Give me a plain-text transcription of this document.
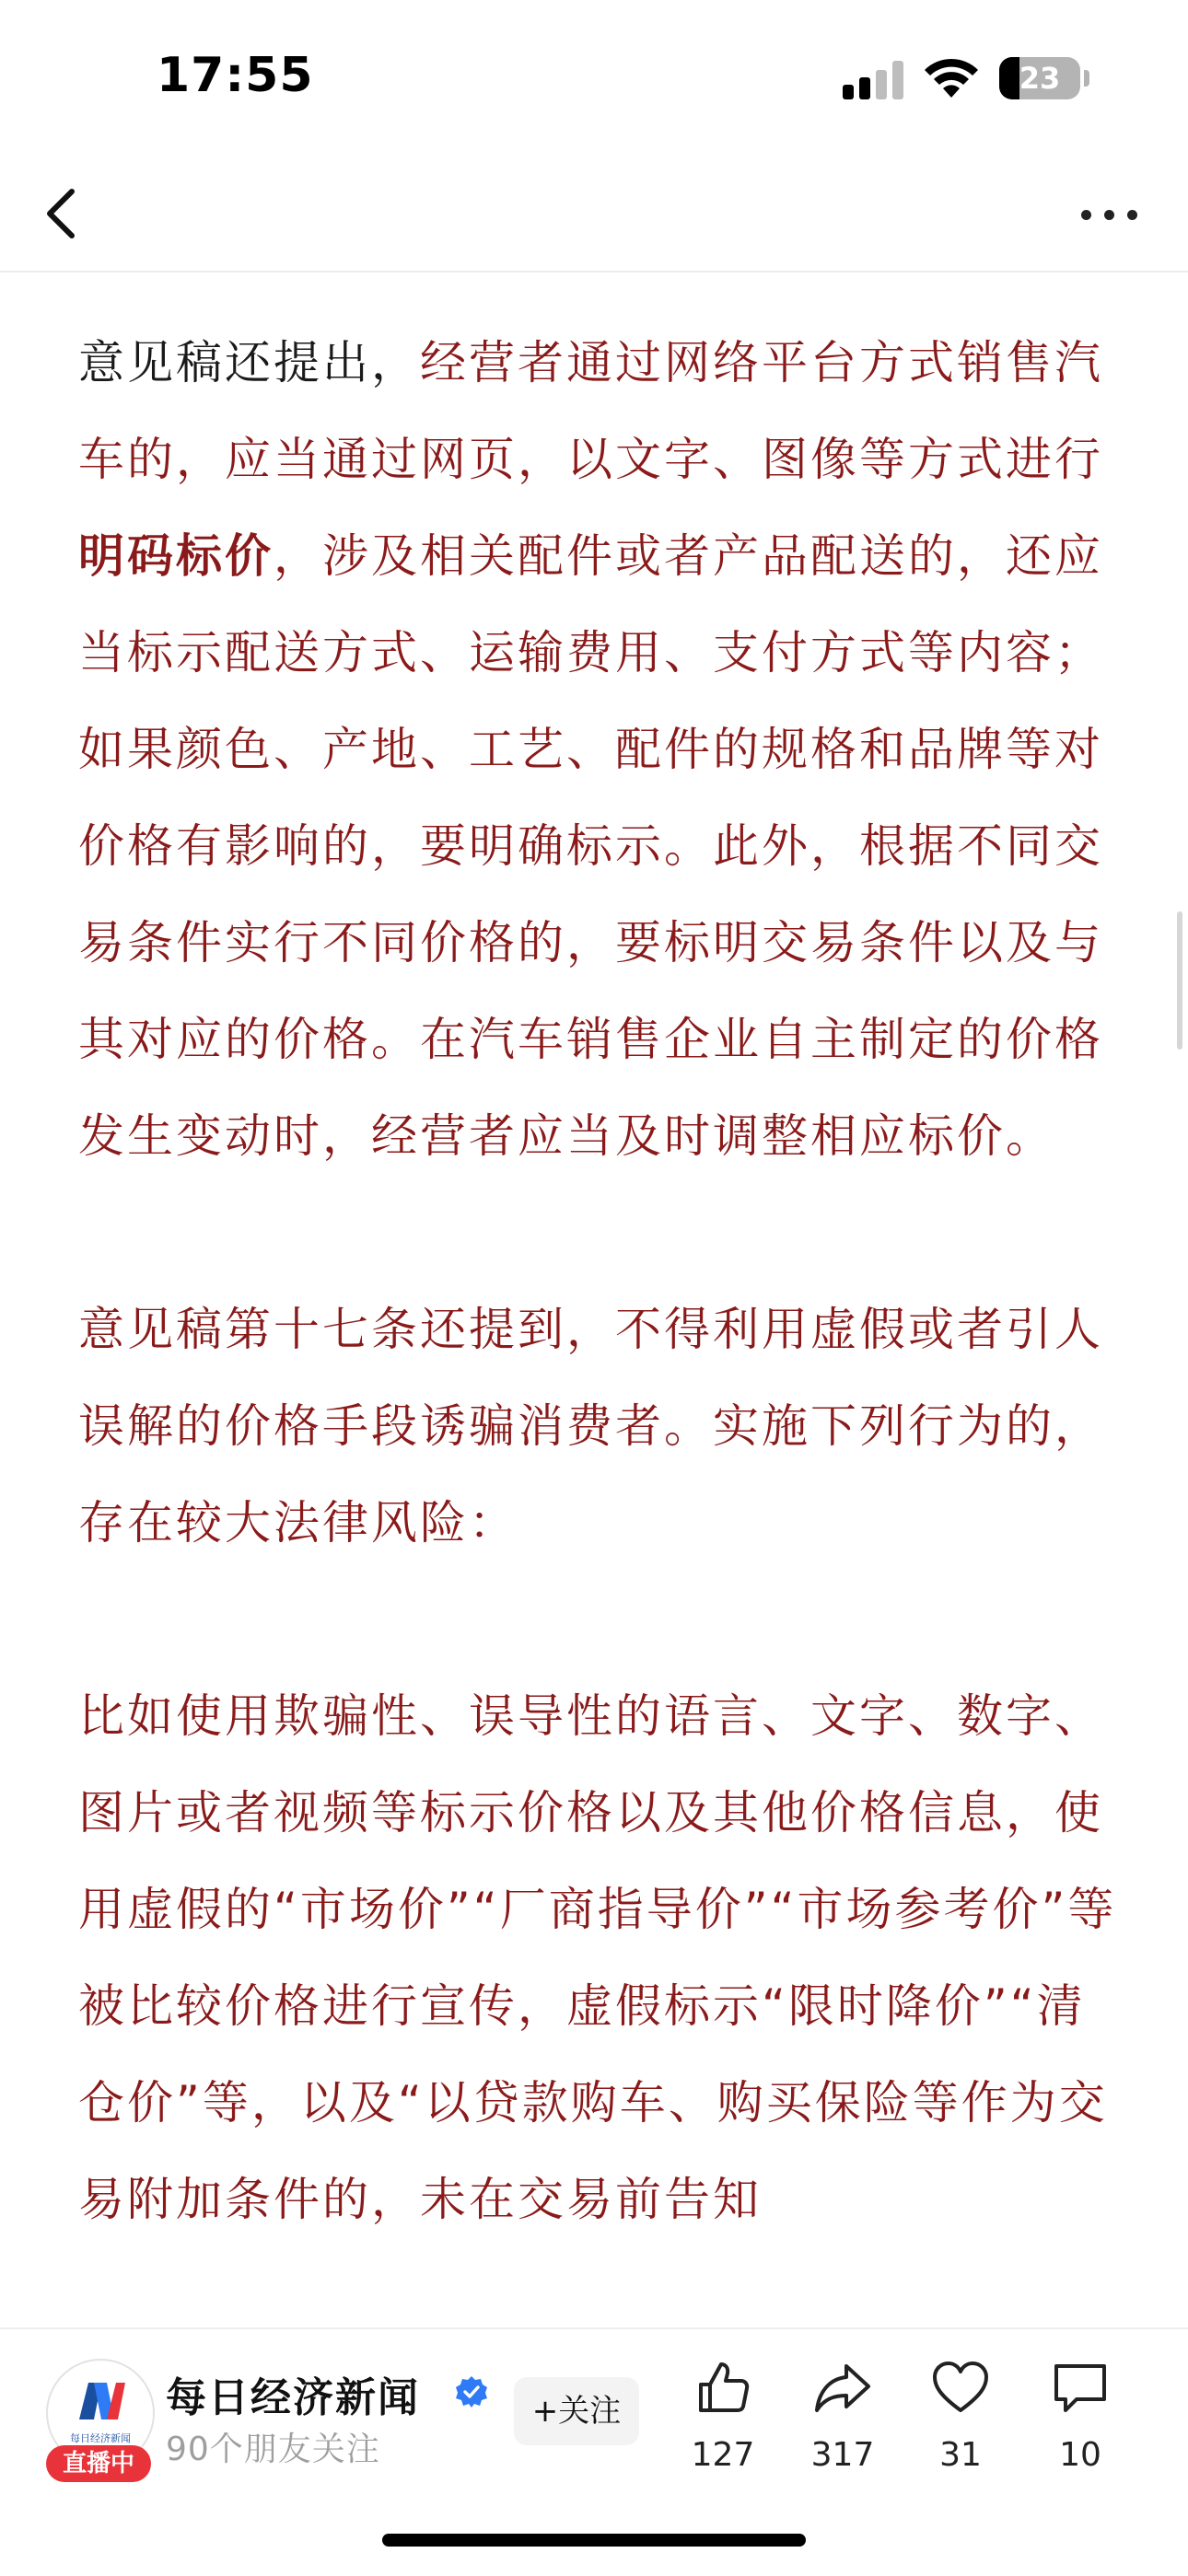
17:55	23

意见稿还提出，经营者通过网络平台方式销售汽车的，应当通过网页，以文字、图像等方式进行明码标价，涉及相关配件或者产品配送的，还应当标示配送方式、运输费用、支付方式等内容；如果颜色、产地、工艺、配件的规格和品牌等对价格有影响的，要明确标示。此外，根据不同交易条件实行不同价格的，要标明交易条件以及与其对应的价格。在汽车销售企业自主制定的价格发生变动时，经营者应当及时调整相应标价。

意见稿第十七条还提到，不得利用虚假或者引人误解的价格手段诱骗消费者。实施下列行为的，存在较大法律风险：

比如使用欺骗性、误导性的语言、文字、数字、图片或者视频等标示价格以及其他价格信息，使用虚假的“市场价”“厂商指导价”“市场参考价”等被比较价格进行宣传，虚假标示“限时降价”“清仓价”等，以及“以贷款购车、购买保险等作为交易附加条件的，未在交易前告知

每日经济新闻
直播中
每日经济新闻
90个朋友关注
+关注
127	317	31	10
